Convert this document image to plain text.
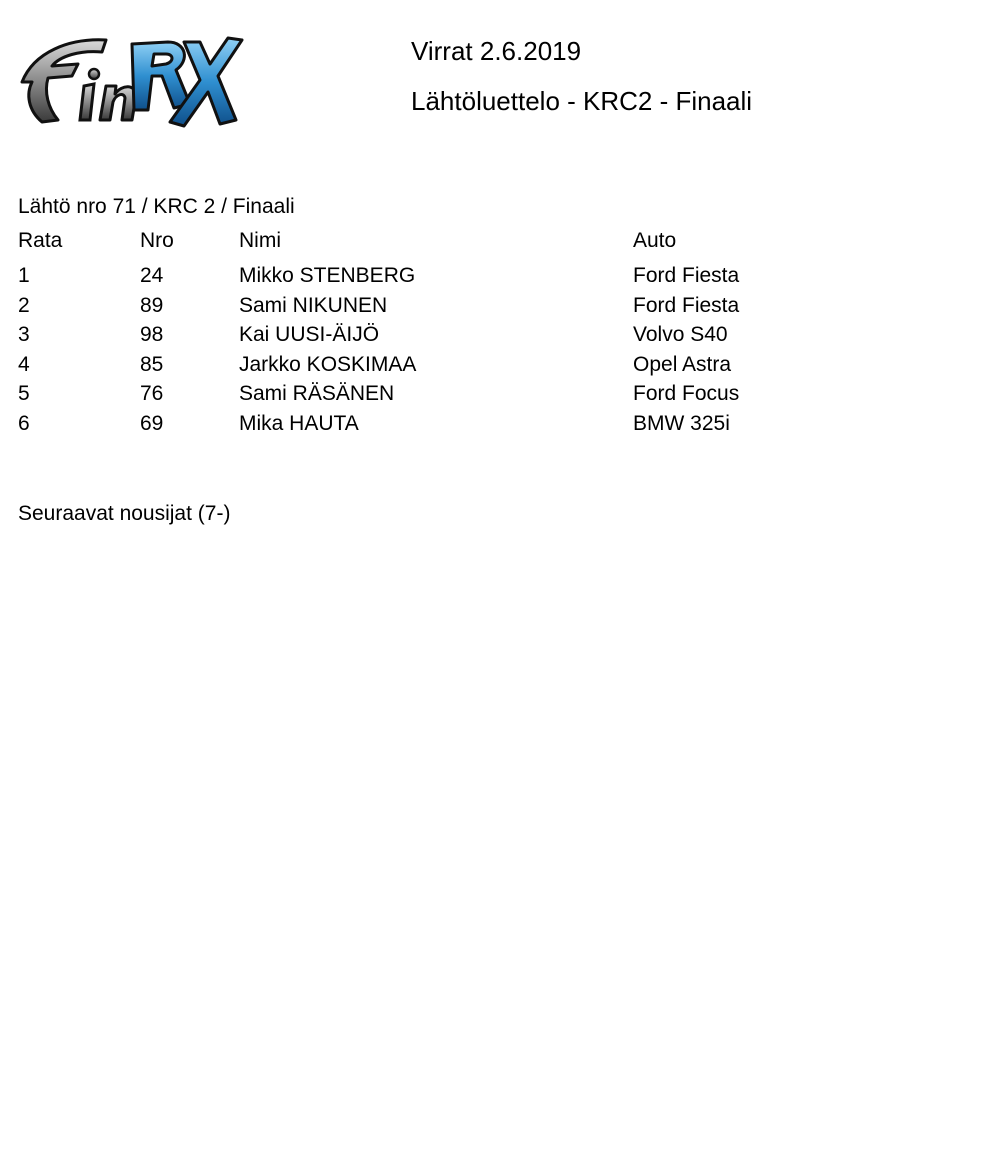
Virrat 2.6.2019
Lähtöluettelo - KRC2 - Finaali
Lähtö nro 71 / KRC 2 / Finaali
Rata	Nro	Nimi	Auto
1	24	Mikko STENBERG	Ford Fiesta
2	89	Sami NIKUNEN	Ford Fiesta
3	98	Kai UUSI-ÄIJÖ	Volvo S40
4	85	Jarkko KOSKIMAA	Opel Astra
5	76	Sami RÄSÄNEN	Ford Focus
6	69	Mika HAUTA	BMW 325i
Seuraavat nousijat (7-)
